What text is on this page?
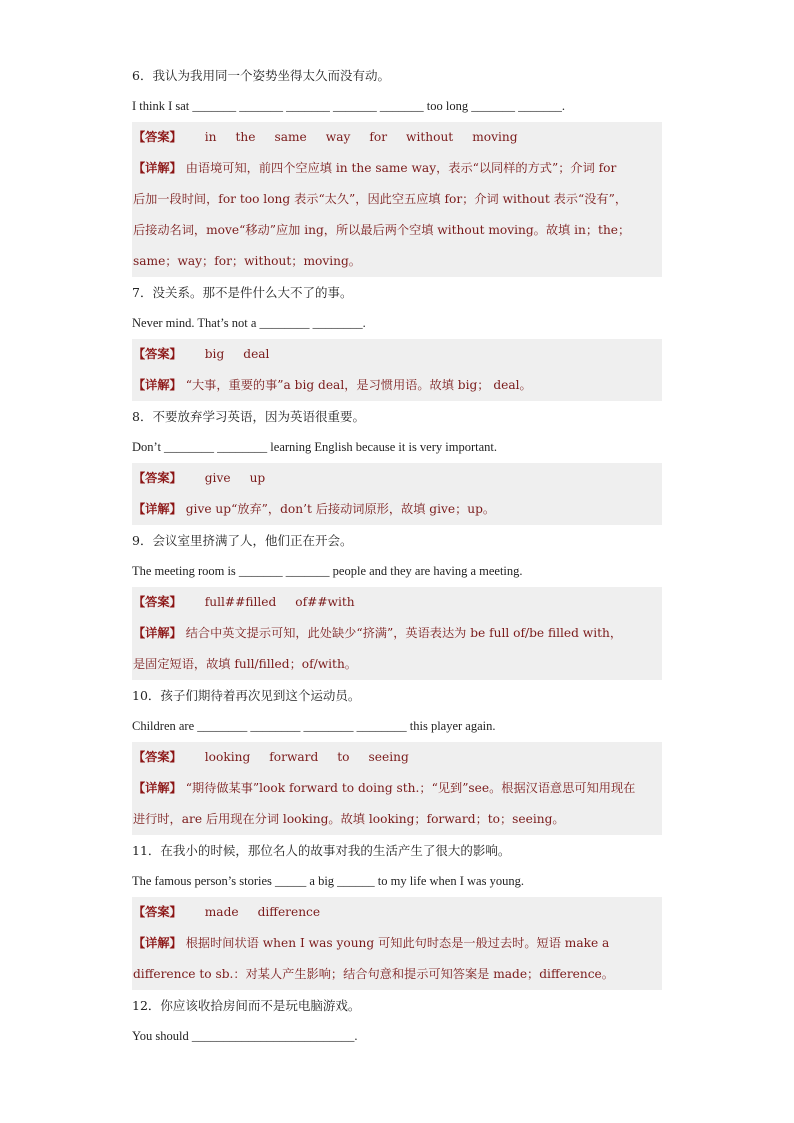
6．我认为我用同一个姿势坐得太久而没有动。
I think I sat _______ _______ _______ _______ _______ too long _______ _______.
【答案】 in the same way for without moving
【详解】 由语境可知，前四个空应填 in the same way，表示“以同样的方式”；介词 for
后加一段时间，for too long 表示“太久”，因此空五应填 for；介词 without 表示“没有”，
后接动名词，move“移动”应加 ing，所以最后两个空填 without moving。故填 in；the；
same；way；for；without；moving。
7．没关系。那不是件什么大不了的事。
Never mind. That’s not a ________ ________.
【答案】 big deal
【详解】 “大事，重要的事”a big deal，是习惯用语。故填 big； deal。
8．不要放弃学习英语，因为英语很重要。
Don’t ________ ________ learning English because it is very important.
【答案】 give up
【详解】 give up“放弃”，don’t 后接动词原形，故填 give；up。
9．会议室里挤满了人，他们正在开会。
The meeting room is _______ _______ people and they are having a meeting.
【答案】 full##filled of##with
【详解】 结合中英文提示可知，此处缺少“挤满”，英语表达为 be full of/be filled with，
是固定短语，故填 full/filled；of/with。
10．孩子们期待着再次见到这个运动员。
Children are ________ ________ ________ ________ this player again.
【答案】 looking forward to seeing
【详解】 “期待做某事”look forward to doing sth.；“见到”see。根据汉语意思可知用现在
进行时，are 后用现在分词 looking。故填 looking；forward；to；seeing。
11．在我小的时候，那位名人的故事对我的生活产生了很大的影响。
The famous person’s stories _____ a big ______ to my life when I was young.
【答案】 made difference
【详解】 根据时间状语 when I was young 可知此句时态是一般过去时。短语 make a
difference to sb.：对某人产生影响；结合句意和提示可知答案是 made；difference。
12．你应该收拾房间而不是玩电脑游戏。
You should __________________________.
